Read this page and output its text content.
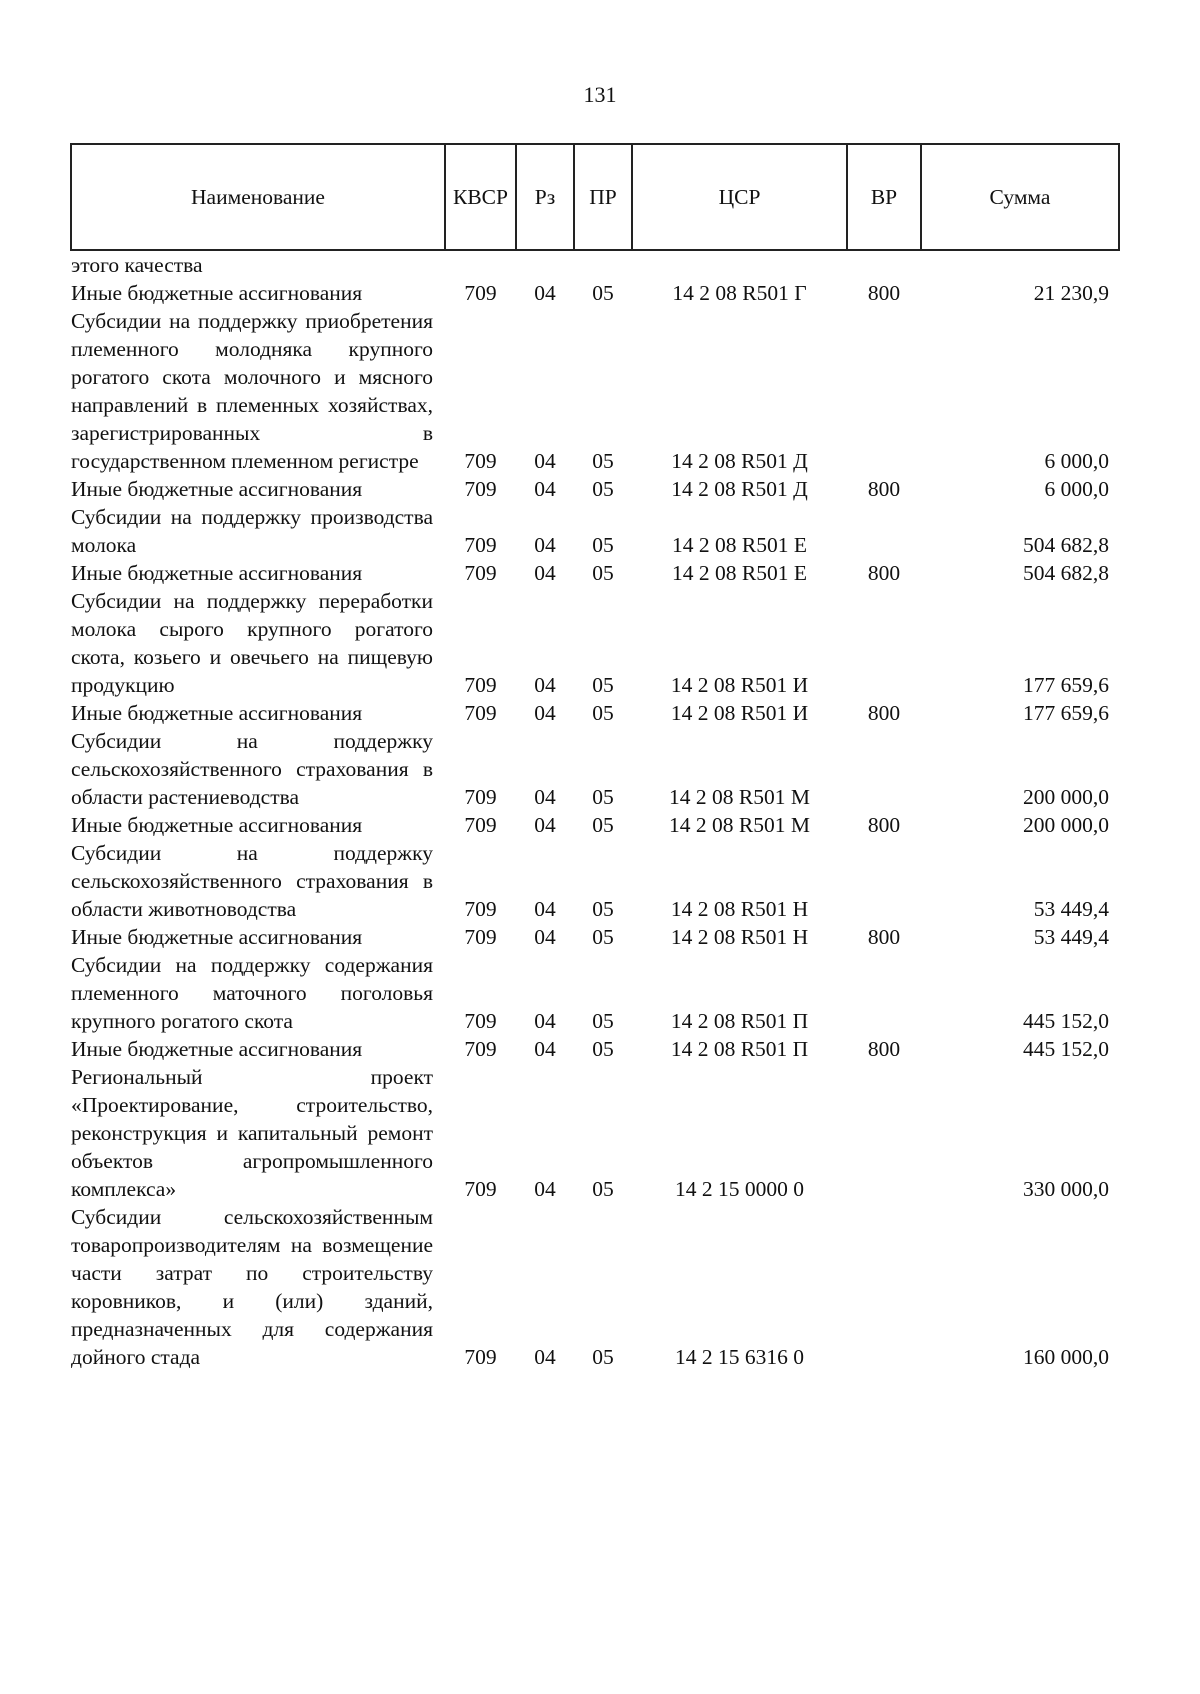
131
Наименование	КВСР	Рз	ПР	ЦСР	ВР	Сумма
этого качества						
Иные бюджетные ассигнования	709	04	05	14 2 08 R501 Г	800	21 230,9
Субсидии на поддержку приобретения племенного молодняка крупного рогатого скота молочного и мясного направлений в племенных хозяйствах, зарегистрированных в государственном племенном регистре	709	04	05	14 2 08 R501 Д		6 000,0
Иные бюджетные ассигнования	709	04	05	14 2 08 R501 Д	800	6 000,0
Субсидии на поддержку производства молока	709	04	05	14 2 08 R501 Е		504 682,8
Иные бюджетные ассигнования	709	04	05	14 2 08 R501 Е	800	504 682,8
Субсидии на поддержку переработки молока сырого крупного рогатого скота, козьего и овечьего на пищевую продукцию	709	04	05	14 2 08 R501 И		177 659,6
Иные бюджетные ассигнования	709	04	05	14 2 08 R501 И	800	177 659,6
Субсидии на поддержку сельскохозяйственного страхования в области растениеводства	709	04	05	14 2 08 R501 М		200 000,0
Иные бюджетные ассигнования	709	04	05	14 2 08 R501 М	800	200 000,0
Субсидии на поддержку сельскохозяйственного страхования в области животноводства	709	04	05	14 2 08 R501 Н		53 449,4
Иные бюджетные ассигнования	709	04	05	14 2 08 R501 Н	800	53 449,4
Субсидии на поддержку содержания племенного маточного поголовья крупного рогатого скота	709	04	05	14 2 08 R501 П		445 152,0
Иные бюджетные ассигнования	709	04	05	14 2 08 R501 П	800	445 152,0
Региональный проект «Проектирование, строительство, реконструкция и капитальный ремонт объектов агропромышленного комплекса»	709	04	05	14 2 15 0000 0		330 000,0
Субсидии сельскохозяйственным товаропроизводителям на возмещение части затрат по строительству коровников, и (или) зданий, предназначенных для содержания дойного стада	709	04	05	14 2 15 6316 0		160 000,0
